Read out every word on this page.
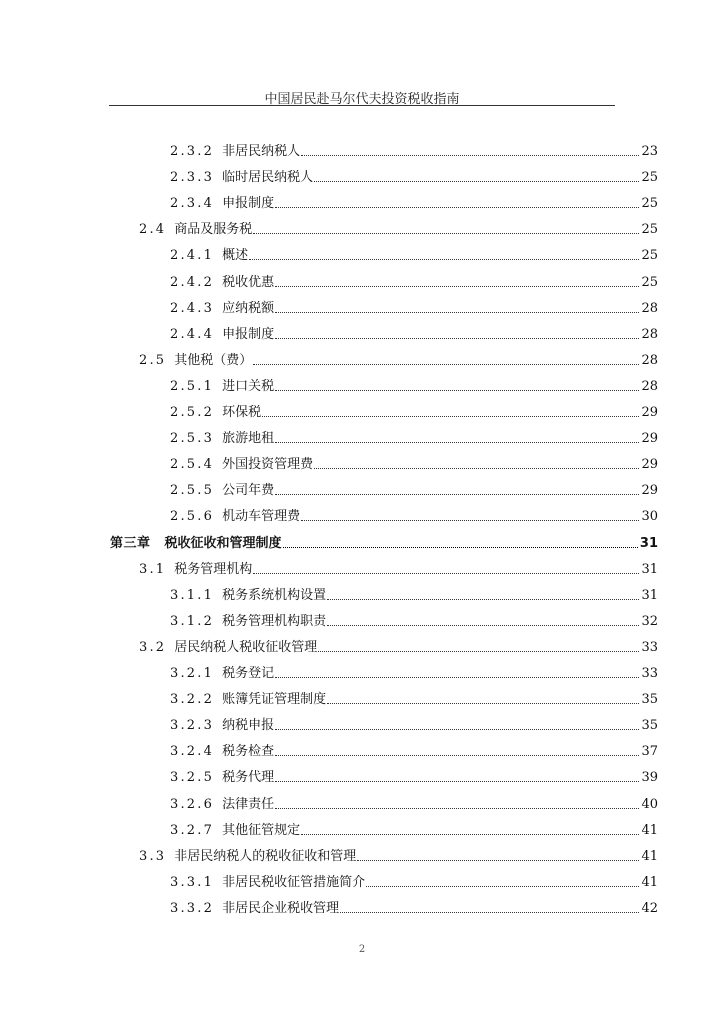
中国居民赴马尔代夫投资税收指南
2.3.2 非居民纳税人	23
2.3.3 临时居民纳税人	25
2.3.4 申报制度	25
2.4 商品及服务税	25
2.4.1 概述	25
2.4.2 税收优惠	25
2.4.3 应纳税额	28
2.4.4 申报制度	28
2.5 其他税（费）	28
2.5.1 进口关税	28
2.5.2 环保税	29
2.5.3 旅游地租	29
2.5.4 外国投资管理费	29
2.5.5 公司年费	29
2.5.6 机动车管理费	30
第三章 税收征收和管理制度	31
3.1 税务管理机构	31
3.1.1 税务系统机构设置	31
3.1.2 税务管理机构职责	32
3.2 居民纳税人税收征收管理	33
3.2.1 税务登记	33
3.2.2 账簿凭证管理制度	35
3.2.3 纳税申报	35
3.2.4 税务检查	37
3.2.5 税务代理	39
3.2.6 法律责任	40
3.2.7 其他征管规定	41
3.3 非居民纳税人的税收征收和管理	41
3.3.1 非居民税收征管措施简介	41
3.3.2 非居民企业税收管理	42
2
